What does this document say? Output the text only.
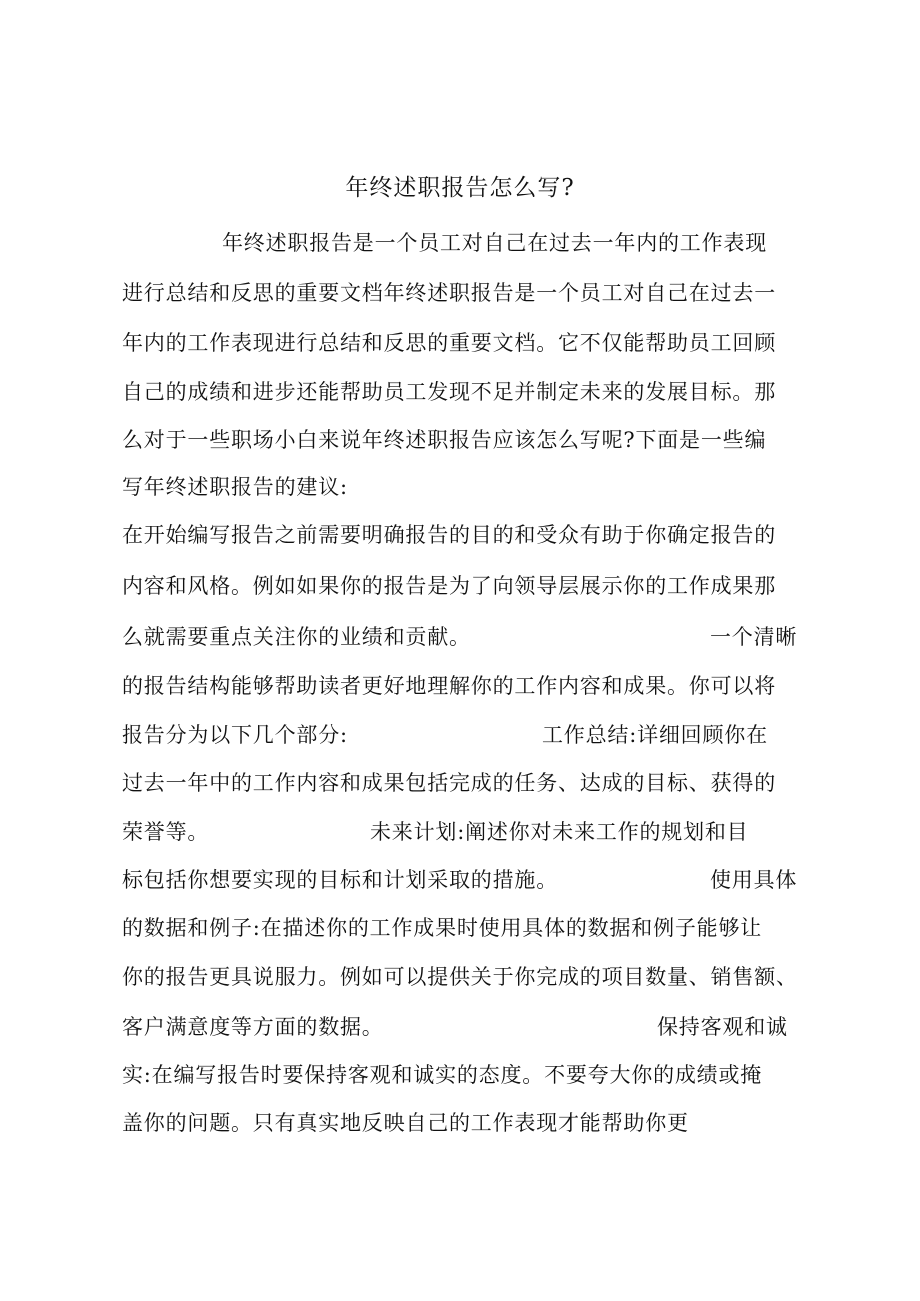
年终述职报告怎么写?
年终述职报告是一个员工对自己在过去一年内的工作表现
进行总结和反思的重要文档年终述职报告是一个员工对自己在过去一
年内的工作表现进行总结和反思的重要文档。它不仅能帮助员工回顾
自己的成绩和进步还能帮助员工发现不足并制定未来的发展目标。那
么对于一些职场小白来说年终述职报告应该怎么写呢?下面是一些编
写年终述职报告的建议:
在开始编写报告之前需要明确报告的目的和受众有助于你确定报告的
内容和风格。例如如果你的报告是为了向领导层展示你的工作成果那
么就需要重点关注你的业绩和贡献。	一个清晰
的报告结构能够帮助读者更好地理解你的工作内容和成果。你可以将
报告分为以下几个部分:	工作总结:详细回顾你在
过去一年中的工作内容和成果包括完成的任务、达成的目标、获得的
荣誉等。	未来计划:阐述你对未来工作的规划和目
标包括你想要实现的目标和计划采取的措施。	使用具体
的数据和例子:在描述你的工作成果时使用具体的数据和例子能够让
你的报告更具说服力。例如可以提供关于你完成的项目数量、销售额、
客户满意度等方面的数据。	保持客观和诚
实:在编写报告时要保持客观和诚实的态度。不要夸大你的成绩或掩
盖你的问题。只有真实地反映自己的工作表现才能帮助你更
